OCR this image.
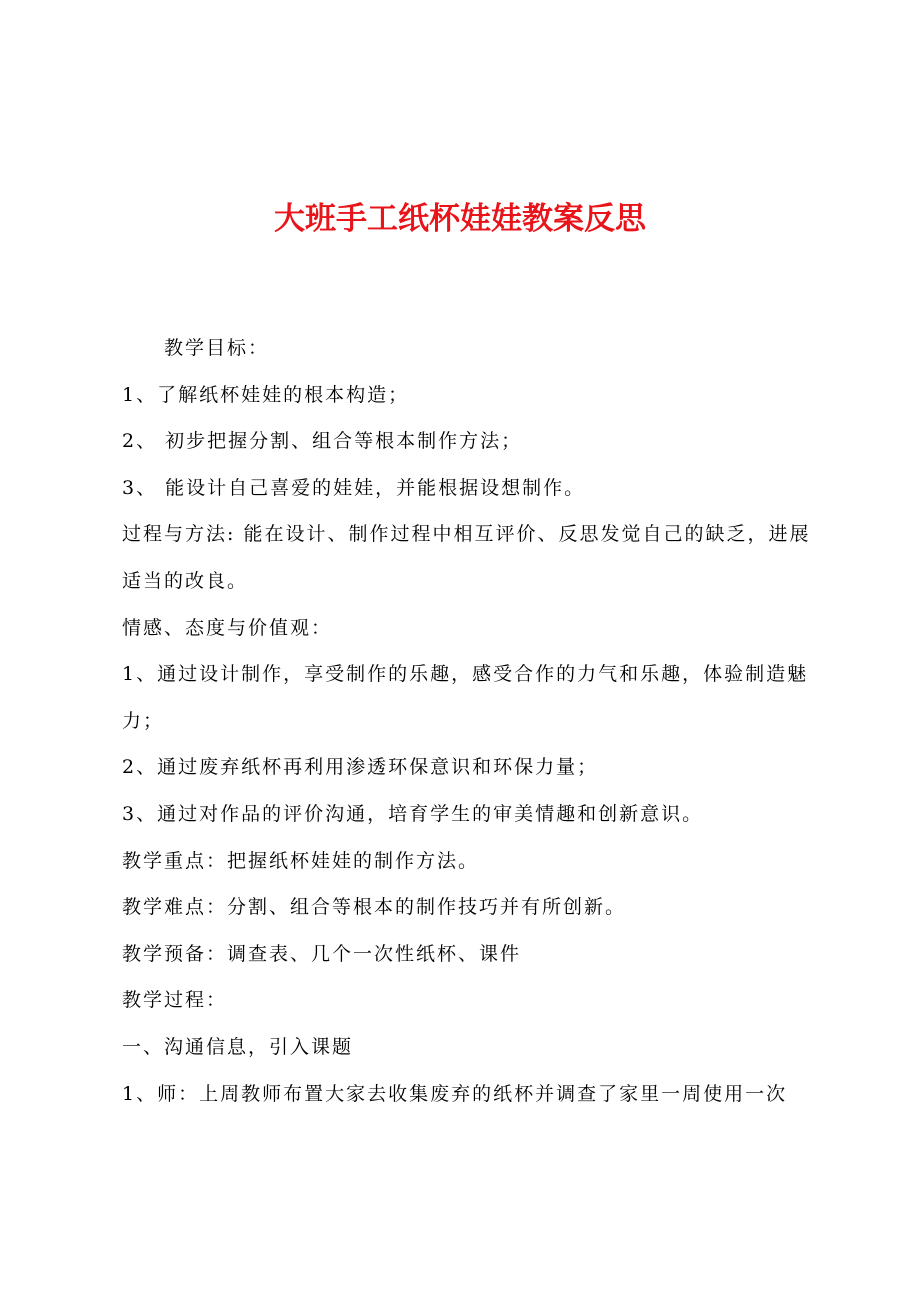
大班手工纸杯娃娃教案反思

教学目标：

1、了解纸杯娃娃的根本构造；

2、 初步把握分割、组合等根本制作方法；

3、 能设计自己喜爱的娃娃，并能根据设想制作。

过程与方法: 能在设计、制作过程中相互评价、反思发觉自己的缺乏，进展适当的改良。

情感、态度与价值观：

1、通过设计制作，享受制作的乐趣，感受合作的力气和乐趣，体验制造魅力；

2、通过废弃纸杯再利用渗透环保意识和环保力量；

3、通过对作品的评价沟通，培育学生的审美情趣和创新意识。

教学重点：把握纸杯娃娃的制作方法。

教学难点：分割、组合等根本的制作技巧并有所创新。

教学预备：调查表、几个一次性纸杯、课件

教学过程：

一、沟通信息，引入课题

1、师：上周教师布置大家去收集废弃的纸杯并调查了家里一周使用一次
